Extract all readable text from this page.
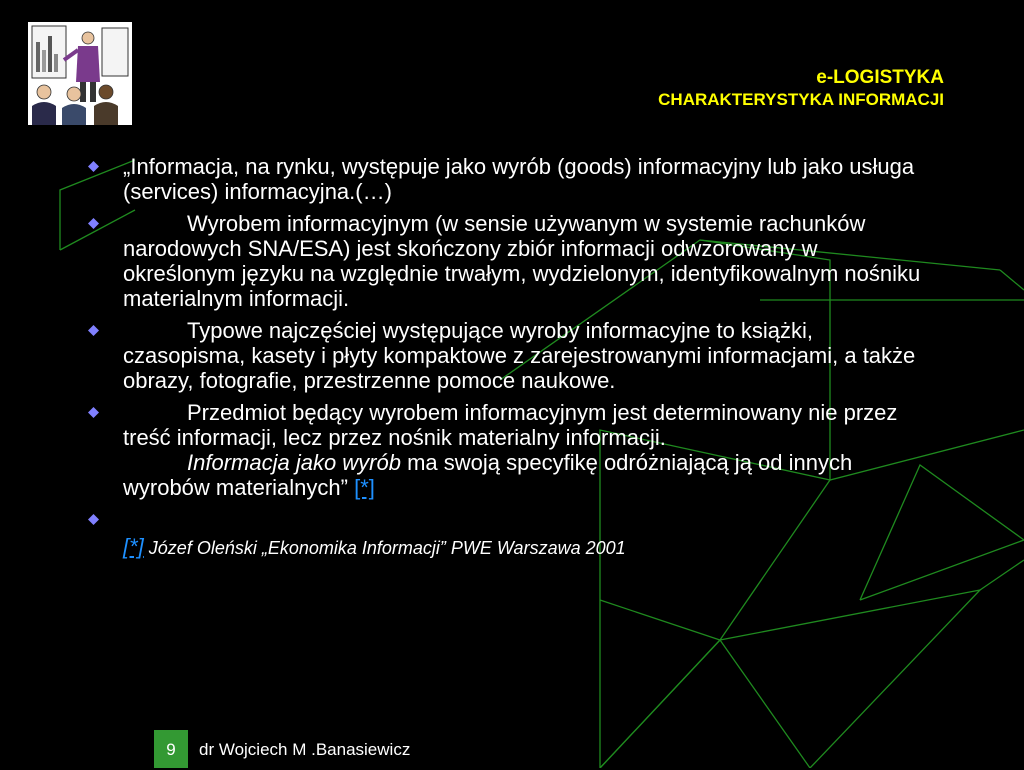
e-LOGISTYKA
CHARAKTERYSTYKA INFORMACJI
„Informacja, na rynku, występuje jako wyrób (goods) informacyjny lub jako usługa (services) informacyjna.(…)
Wyrobem informacyjnym (w sensie używanym w systemie rachunków narodowych SNA/ESA) jest skończony zbiór informacji odwzorowany w określonym języku na względnie trwałym, wydzielonym, identyfikowalnym nośniku materialnym informacji.
Typowe najczęściej występujące wyroby informacyjne to książki, czasopisma, kasety i płyty kompaktowe z zarejestrowanymi informacjami, a także obrazy, fotografie, przestrzenne pomoce naukowe.
Przedmiot będący wyrobem informacyjnym jest determinowany nie przez treść informacji, lecz przez nośnik materialny informacji.
Informacja jako wyrób ma swoją specyfikę odróżniającą ją od innych wyrobów materialnych” [*]
[*] Józef Oleński „Ekonomika Informacji” PWE Warszawa 2001
9	dr Wojciech M .Banasiewicz
